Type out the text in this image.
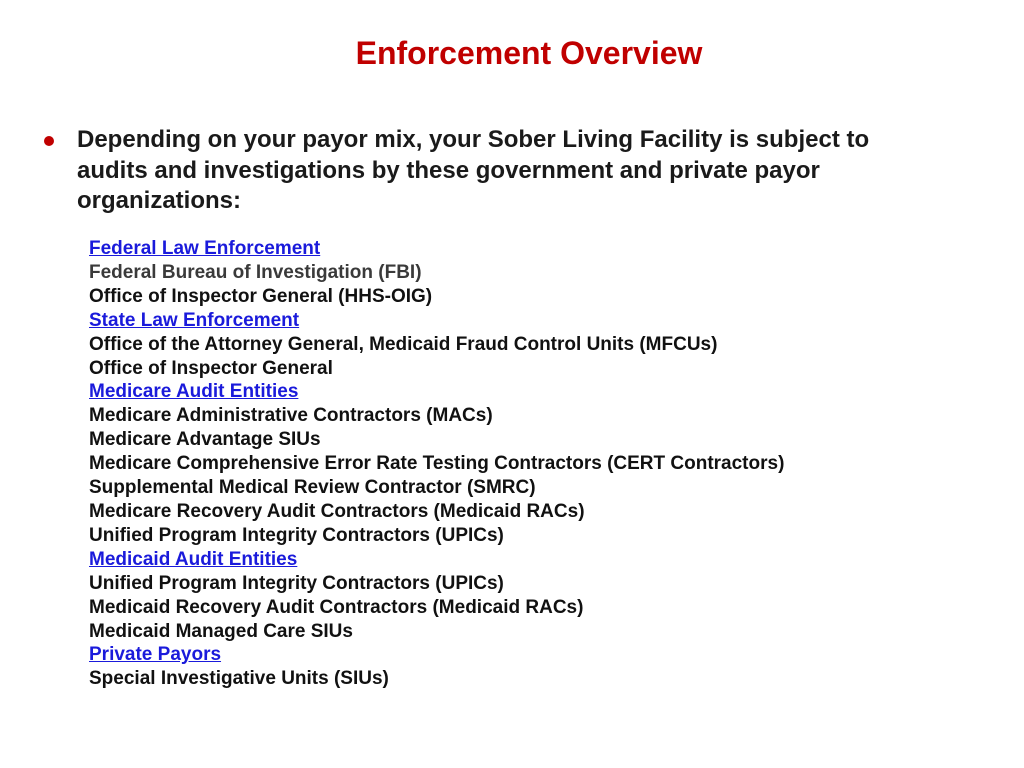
Enforcement Overview
Depending on your payor mix, your Sober Living Facility is subject to audits and investigations by these government and private payor organizations:
Federal Law Enforcement
Federal Bureau of Investigation (FBI)
Office of Inspector General (HHS-OIG)
State Law Enforcement
Office of the Attorney General, Medicaid Fraud Control Units (MFCUs)
Office of Inspector General
Medicare Audit Entities
Medicare Administrative Contractors (MACs)
Medicare Advantage SIUs
Medicare Comprehensive Error Rate Testing Contractors (CERT Contractors)
Supplemental Medical Review Contractor (SMRC)
Medicare Recovery Audit Contractors (Medicaid RACs)
Unified Program Integrity Contractors (UPICs)
Medicaid Audit Entities
Unified Program Integrity Contractors (UPICs)
Medicaid Recovery Audit Contractors (Medicaid RACs)
Medicaid Managed Care SIUs
Private Payors
Special Investigative Units (SIUs)
